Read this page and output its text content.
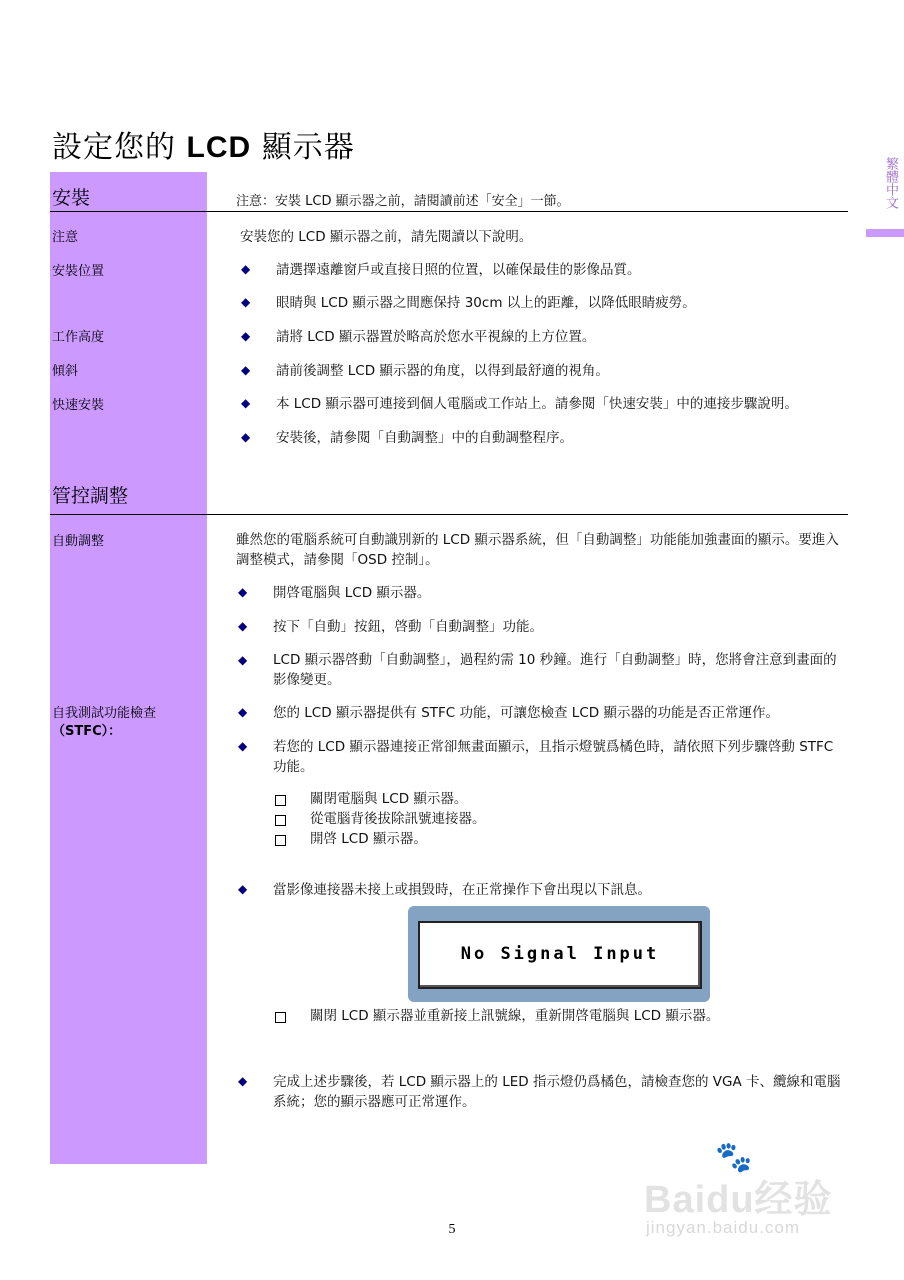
繁體中文
設定您的 LCD 顯示器
安裝	注意：安裝 LCD 顯示器之前，請閱讀前述「安全」一節。
注意	安裝您的 LCD 顯示器之前，請先閱讀以下說明。
安裝位置	◆ 請選擇遠離窗戶或直接日照的位置，以確保最佳的影像品質。
◆ 眼睛與 LCD 顯示器之間應保持 30cm 以上的距離，以降低眼睛疲勞。
工作高度	◆ 請將 LCD 顯示器置於略高於您水平視線的上方位置。
傾斜	◆ 請前後調整 LCD 顯示器的角度，以得到最舒適的視角。
快速安裝	◆ 本 LCD 顯示器可連接到個人電腦或工作站上。請參閱「快速安裝」中的連接步驟說明。
◆ 安裝後，請參閱「自動調整」中的自動調整程序。
管控調整
自動調整	雖然您的電腦系統可自動識別新的 LCD 顯示器系統，但「自動調整」功能能加強畫面的顯示。要進入調整模式，請參閱「OSD 控制」。
◆ 開啓電腦與 LCD 顯示器。
◆ 按下「自動」按鈕，啓動「自動調整」功能。
◆ LCD 顯示器啓動「自動調整」，過程約需 10 秒鐘。進行「自動調整」時，您將會注意到畫面的影像變更。
自我測試功能檢查
（STFC）：
◆ 您的 LCD 顯示器提供有 STFC 功能，可讓您檢查 LCD 顯示器的功能是否正常運作。
◆ 若您的 LCD 顯示器連接正常卻無畫面顯示，且指示燈號爲橘色時，請依照下列步驟啓動 STFC 功能。
關閉電腦與 LCD 顯示器。
從電腦背後拔除訊號連接器。
開啓 LCD 顯示器。
◆ 當影像連接器未接上或損毀時，在正常操作下會出現以下訊息。
No Signal Input
關閉 LCD 顯示器並重新接上訊號線，重新開啓電腦與 LCD 顯示器。
◆ 完成上述步驟後，若 LCD 顯示器上的 LED 指示燈仍爲橘色，請檢查您的 VGA 卡、纜線和電腦系統；您的顯示器應可正常運作。
5
🐾
Baidu经验
jingyan.baidu.com
